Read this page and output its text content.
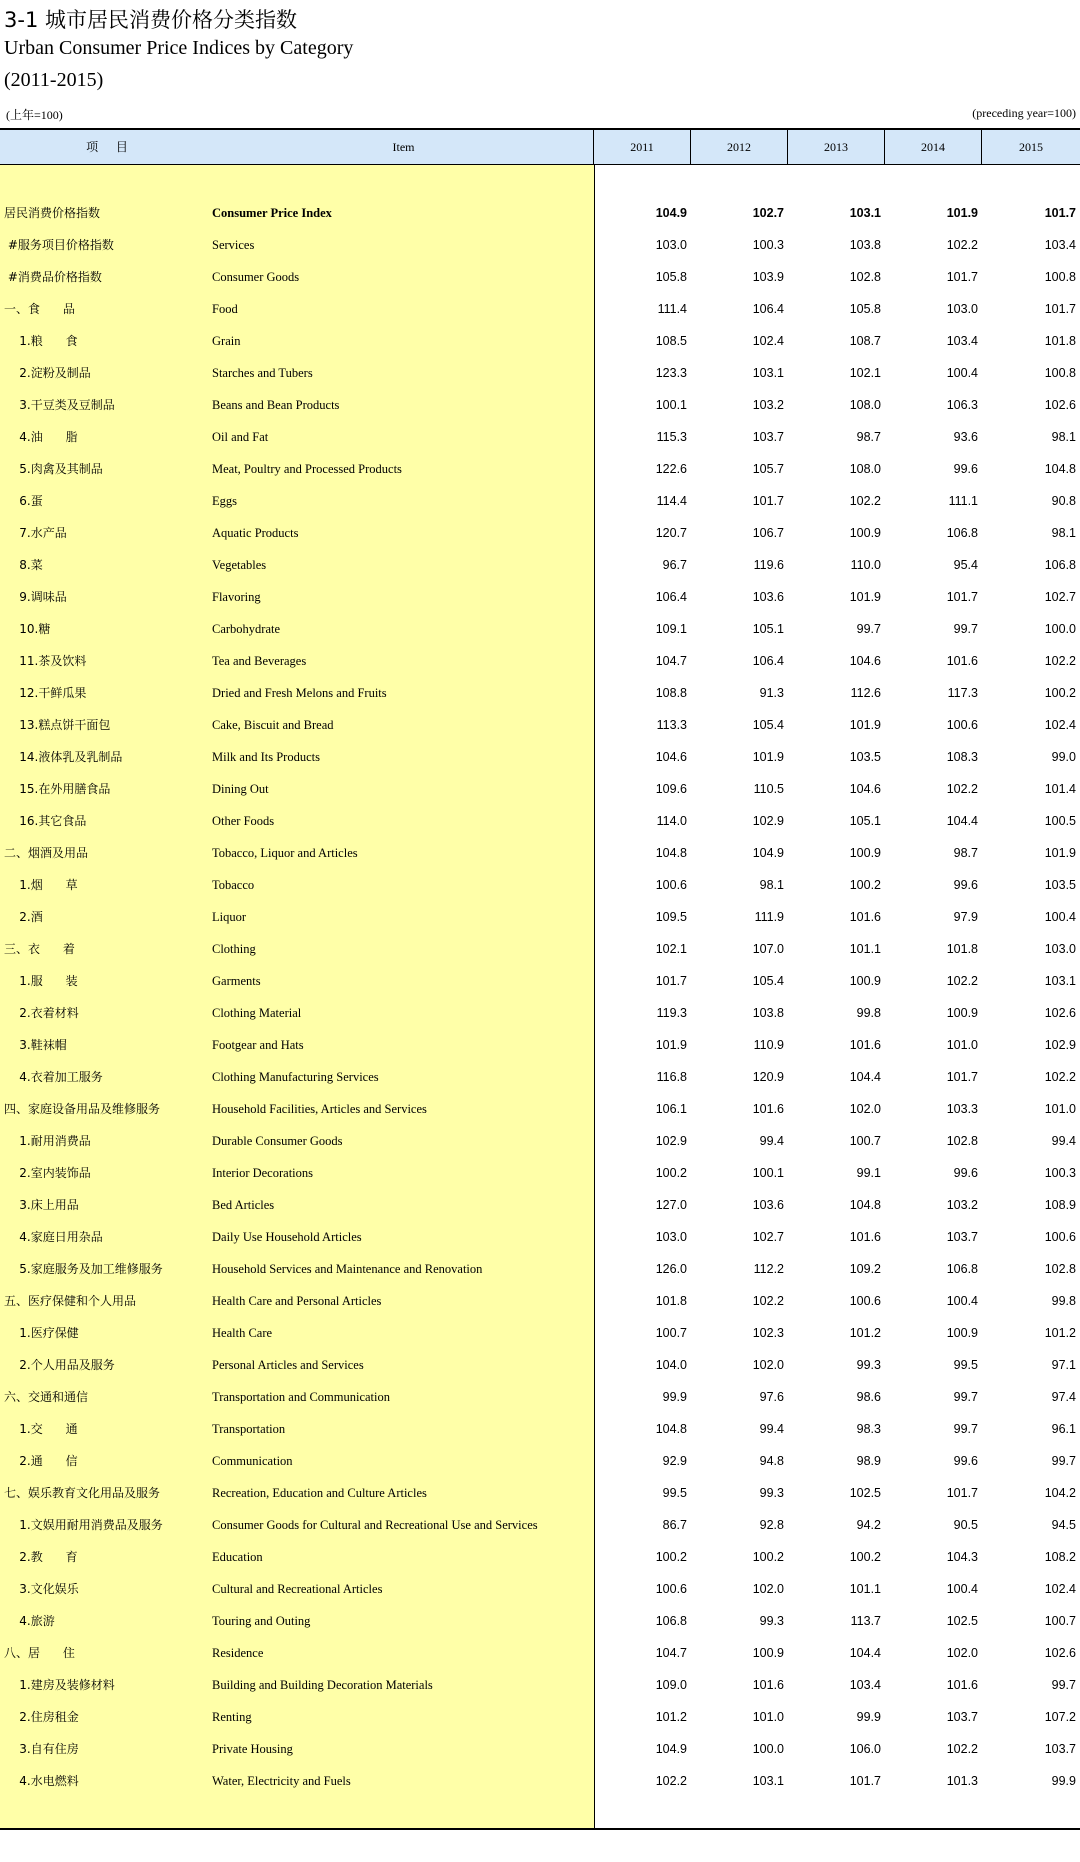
3-1 城市居民消费价格分类指数
Urban Consumer Price Indices by Category
(2011-2015)
(上年=100)	(preceding year=100)
项 目	Item	2011	2012	2013	2014	2015
居民消费价格指数	Consumer Price Index	104.9	102.7	103.1	101.9	101.7
#服务项目价格指数	Services	103.0	100.3	103.8	102.2	103.4
#消费品价格指数	Consumer Goods	105.8	103.9	102.8	101.7	100.8
一、食      品	Food	111.4	106.4	105.8	103.0	101.7
1.粮      食	Grain	108.5	102.4	108.7	103.4	101.8
2.淀粉及制品	Starches and Tubers	123.3	103.1	102.1	100.4	100.8
3.干豆类及豆制品	Beans and Bean Products	100.1	103.2	108.0	106.3	102.6
4.油      脂	Oil and Fat	115.3	103.7	98.7	93.6	98.1
5.肉禽及其制品	Meat, Poultry and Processed Products	122.6	105.7	108.0	99.6	104.8
6.蛋	Eggs	114.4	101.7	102.2	111.1	90.8
7.水产品	Aquatic Products	120.7	106.7	100.9	106.8	98.1
8.菜	Vegetables	96.7	119.6	110.0	95.4	106.8
9.调味品	Flavoring	106.4	103.6	101.9	101.7	102.7
10.糖	Carbohydrate	109.1	105.1	99.7	99.7	100.0
11.茶及饮料	Tea and Beverages	104.7	106.4	104.6	101.6	102.2
12.干鲜瓜果	Dried and Fresh Melons and Fruits	108.8	91.3	112.6	117.3	100.2
13.糕点饼干面包	Cake, Biscuit and Bread	113.3	105.4	101.9	100.6	102.4
14.液体乳及乳制品	Milk and Its Products	104.6	101.9	103.5	108.3	99.0
15.在外用膳食品	Dining Out	109.6	110.5	104.6	102.2	101.4
16.其它食品	Other Foods	114.0	102.9	105.1	104.4	100.5
二、烟酒及用品	Tobacco, Liquor and Articles	104.8	104.9	100.9	98.7	101.9
1.烟      草	Tobacco	100.6	98.1	100.2	99.6	103.5
2.酒	Liquor	109.5	111.9	101.6	97.9	100.4
三、衣      着	Clothing	102.1	107.0	101.1	101.8	103.0
1.服      装	Garments	101.7	105.4	100.9	102.2	103.1
2.衣着材料	Clothing Material	119.3	103.8	99.8	100.9	102.6
3.鞋袜帽	Footgear and Hats	101.9	110.9	101.6	101.0	102.9
4.衣着加工服务	Clothing Manufacturing Services	116.8	120.9	104.4	101.7	102.2
四、家庭设备用品及维修服务	Household Facilities, Articles and Services	106.1	101.6	102.0	103.3	101.0
1.耐用消费品	Durable Consumer Goods	102.9	99.4	100.7	102.8	99.4
2.室内装饰品	Interior Decorations	100.2	100.1	99.1	99.6	100.3
3.床上用品	Bed Articles	127.0	103.6	104.8	103.2	108.9
4.家庭日用杂品	Daily Use Household Articles	103.0	102.7	101.6	103.7	100.6
5.家庭服务及加工维修服务	Household Services and Maintenance and Renovation	126.0	112.2	109.2	106.8	102.8
五、医疗保健和个人用品	Health Care and Personal Articles	101.8	102.2	100.6	100.4	99.8
1.医疗保健	Health Care	100.7	102.3	101.2	100.9	101.2
2.个人用品及服务	Personal Articles and Services	104.0	102.0	99.3	99.5	97.1
六、交通和通信	Transportation and Communication	99.9	97.6	98.6	99.7	97.4
1.交      通	Transportation	104.8	99.4	98.3	99.7	96.1
2.通      信	Communication	92.9	94.8	98.9	99.6	99.7
七、娱乐教育文化用品及服务	Recreation, Education and Culture Articles	99.5	99.3	102.5	101.7	104.2
1.文娱用耐用消费品及服务	Consumer Goods for Cultural and Recreational Use and Services	86.7	92.8	94.2	90.5	94.5
2.教      育	Education	100.2	100.2	100.2	104.3	108.2
3.文化娱乐	Cultural and Recreational Articles	100.6	102.0	101.1	100.4	102.4
4.旅游	Touring and Outing	106.8	99.3	113.7	102.5	100.7
八、居      住	Residence	104.7	100.9	104.4	102.0	102.6
1.建房及装修材料	Building and Building Decoration Materials	109.0	101.6	103.4	101.6	99.7
2.住房租金	Renting	101.2	101.0	99.9	103.7	107.2
3.自有住房	Private Housing	104.9	100.0	106.0	102.2	103.7
4.水电燃料	Water, Electricity and Fuels	102.2	103.1	101.7	101.3	99.9
